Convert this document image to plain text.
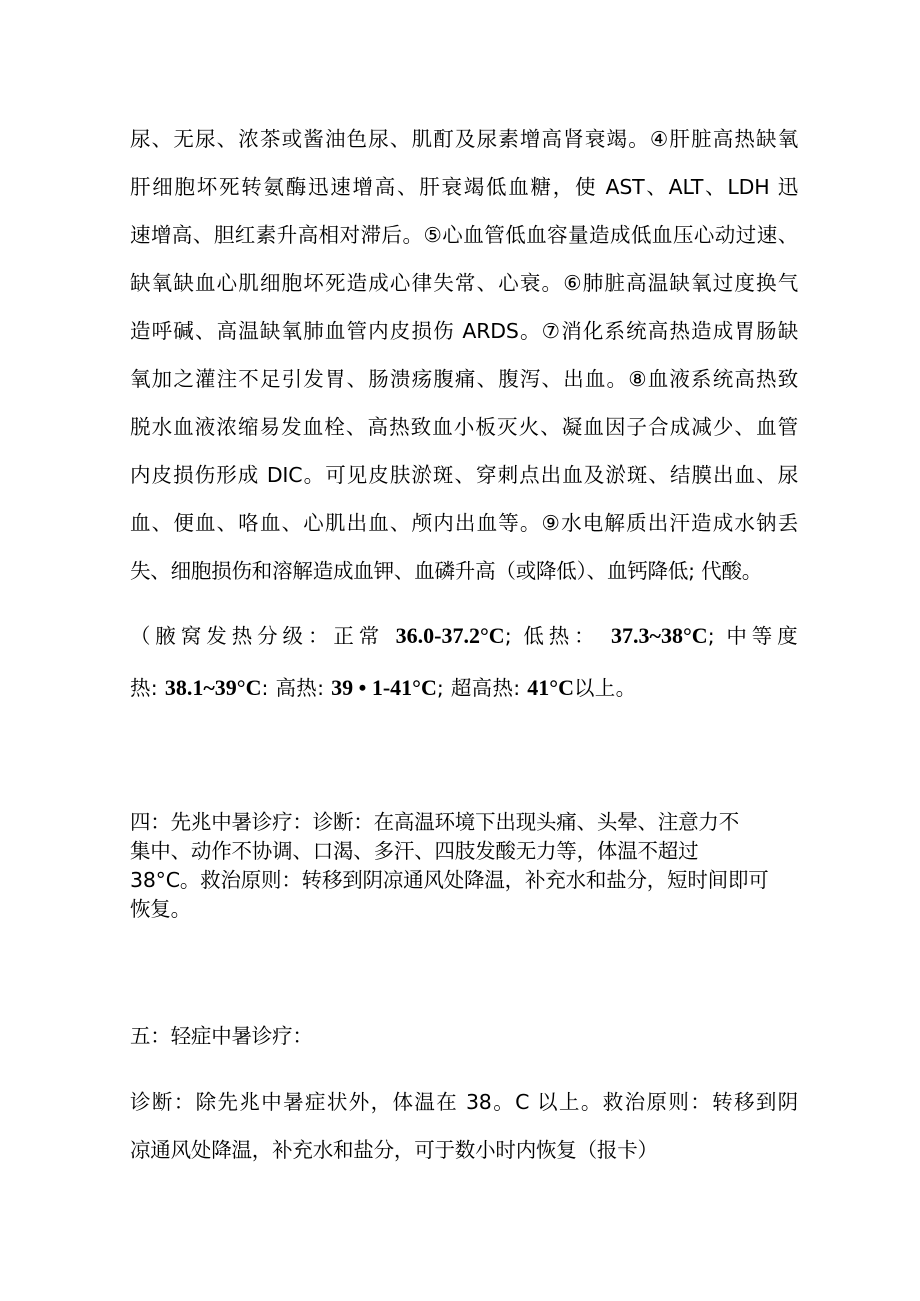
尿、无尿、浓茶或酱油色尿、肌酊及尿素增高肾衰竭。④肝脏高热缺氧
肝细胞坏死转氨酶迅速增高、肝衰竭低血糖，使 AST、ALT、LDH 迅
速增高、胆红素升高相对滞后。⑤心血管低血容量造成低血压心动过速、
缺氧缺血心肌细胞坏死造成心律失常、心衰。⑥肺脏高温缺氧过度换气
造呼碱、高温缺氧肺血管内皮损伤 ARDS。⑦消化系统高热造成胃肠缺
氧加之灌注不足引发胃、肠溃疡腹痛、腹泻、出血。⑧血液系统高热致
脱水血液浓缩易发血栓、高热致血小板灭火、凝血因子合成减少、血管
内皮损伤形成 DIC。可见皮肤淤斑、穿刺点出血及淤斑、结膜出血、尿
血、便血、咯血、心肌出血、颅内出血等。⑨水电解质出汗造成水钠丢
失、细胞损伤和溶解造成血钾、血磷升高（或降低）、血钙降低; 代酸。
（腋窝发热分级：正常 36.0-37.2°C; 低热： 37.3~38°C; 中等度
热: 38.1~39°C: 高热: 39 • 1-41°C; 超高热: 41°C以上。
四：先兆中暑诊疗：诊断：在高温环境下出现头痛、头晕、注意力不
集中、动作不协调、口渴、多汗、四肢发酸无力等，体温不超过
38°C。救治原则：转移到阴凉通风处降温，补充水和盐分，短时间即可
恢复。
五：轻症中暑诊疗：
诊断：除先兆中暑症状外，体温在 38。C 以上。救治原则：转移到阴
凉通风处降温，补充水和盐分，可于数小时内恢复（报卡）
